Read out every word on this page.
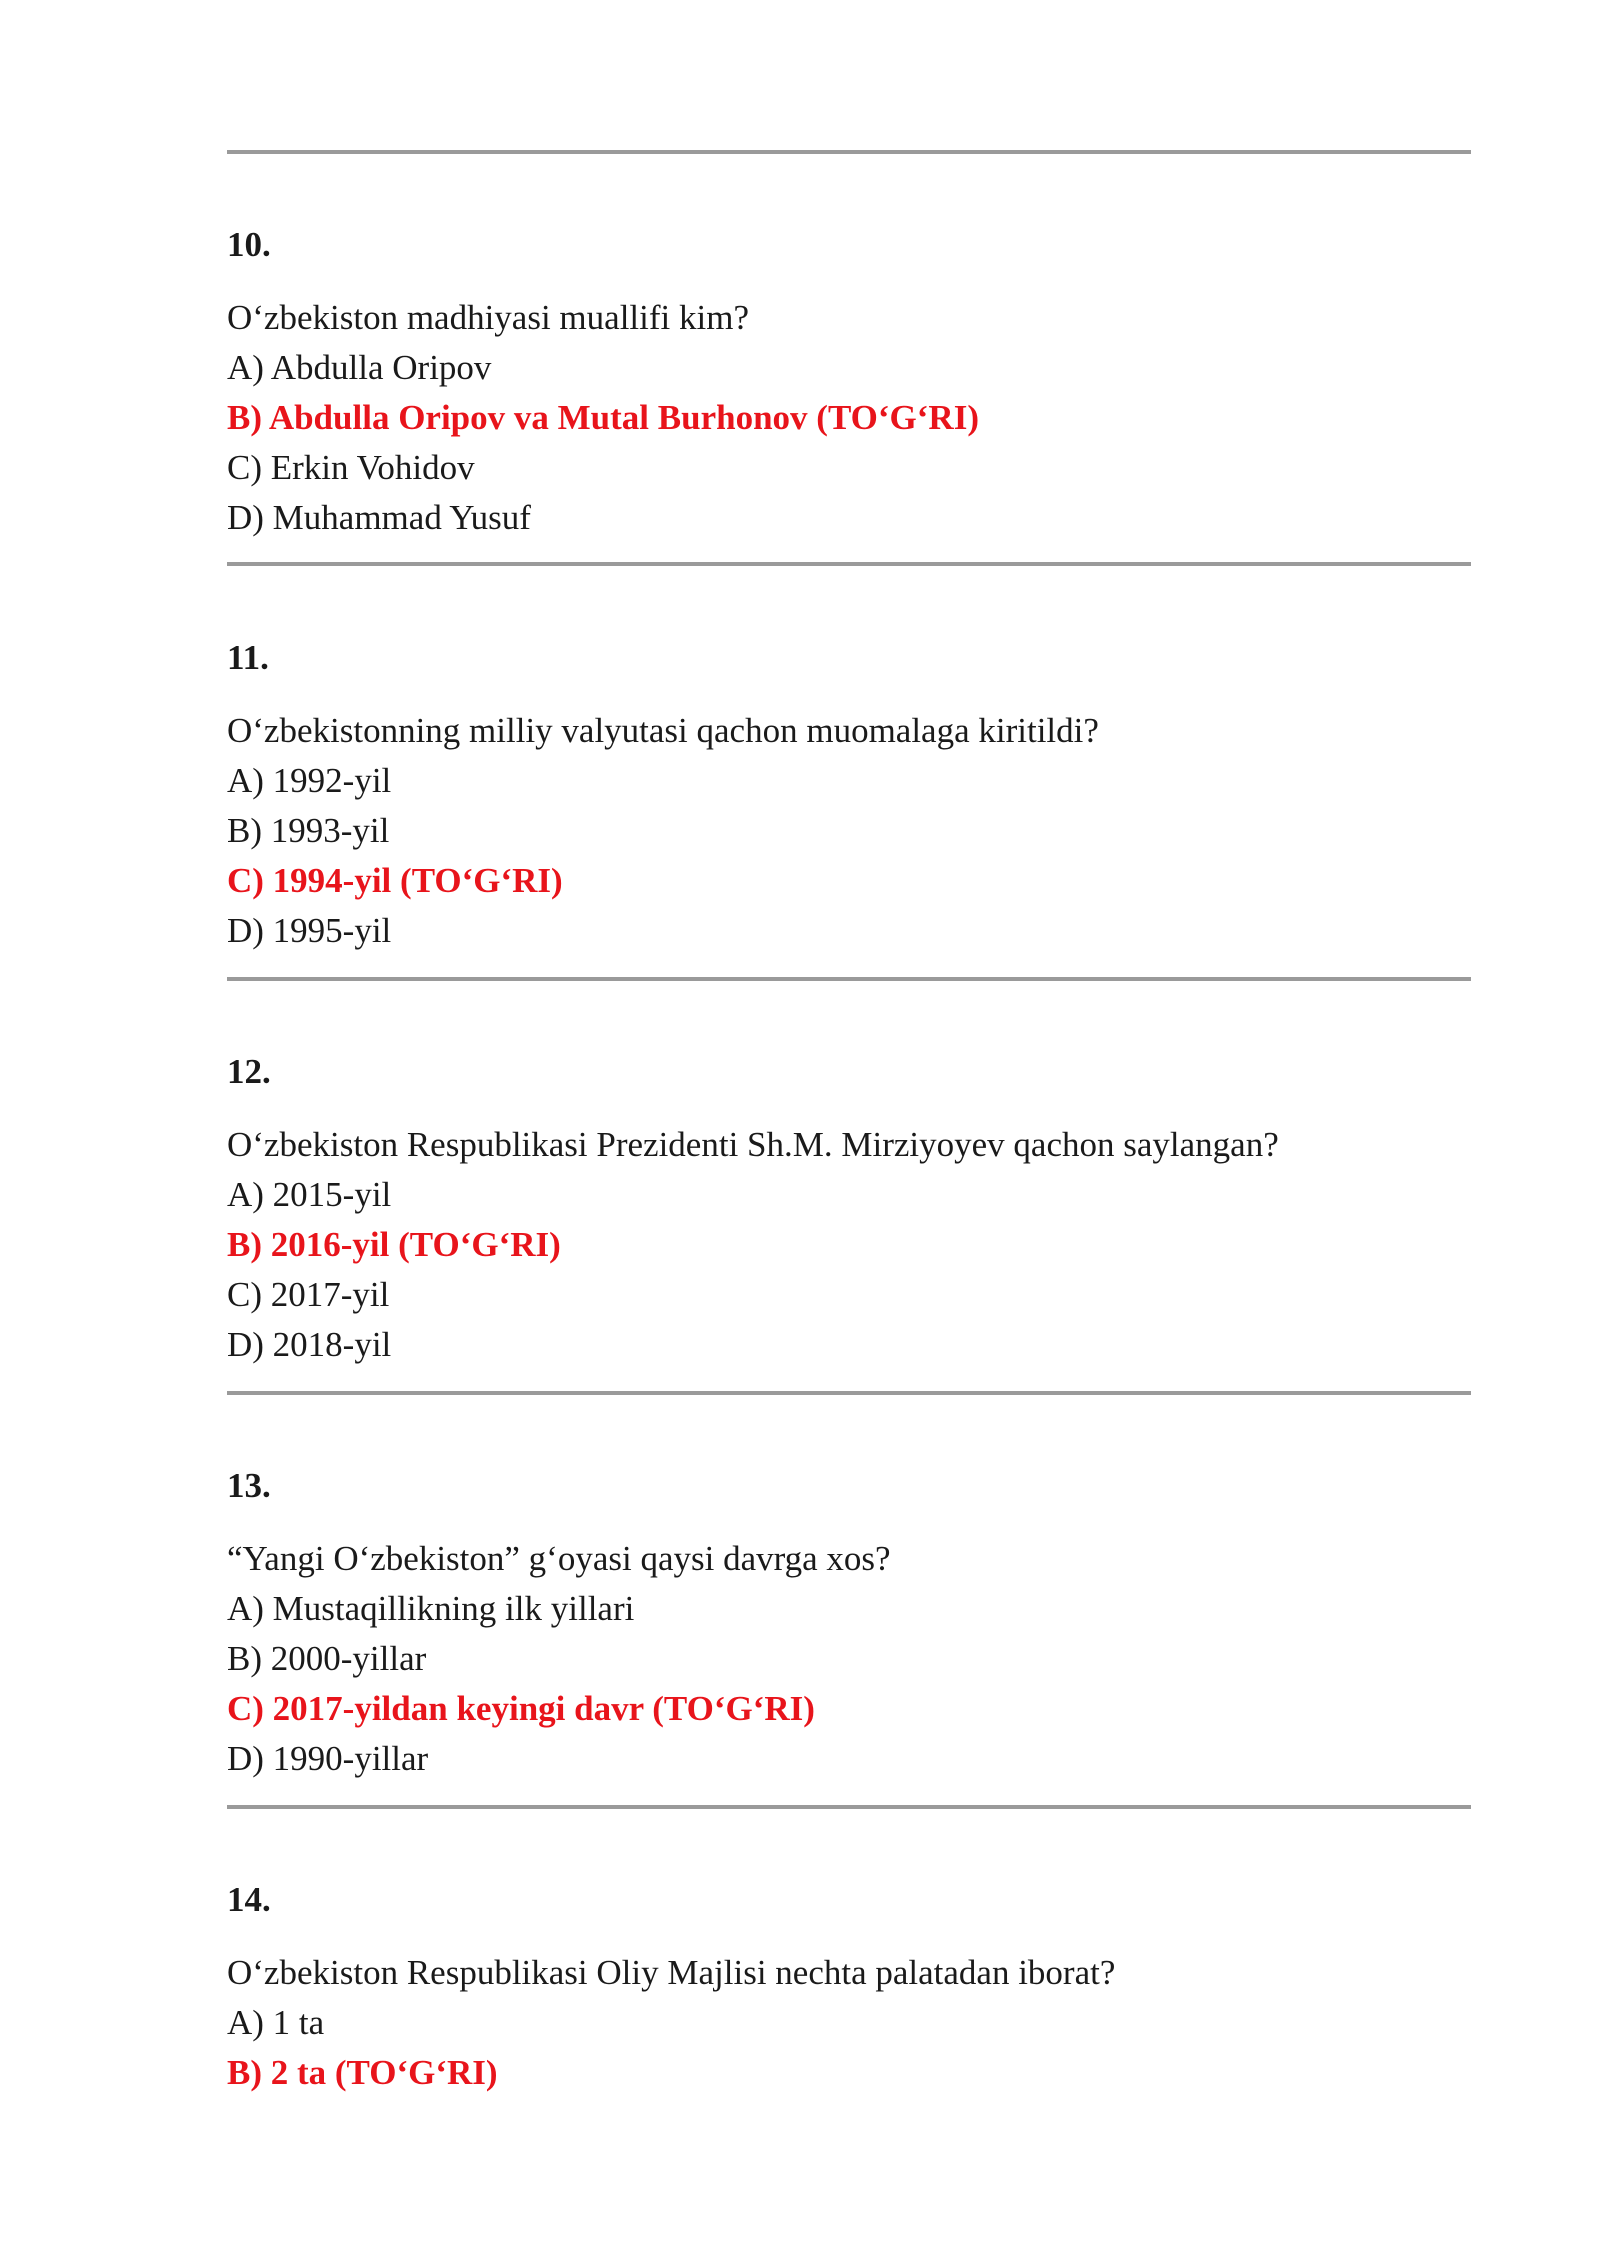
10.

O‘zbekiston madhiyasi muallifi kim?

A) Abdulla Oripov
B) Abdulla Oripov va Mutal Burhonov (TO‘G‘RI)
C) Erkin Vohidov
D) Muhammad Yusuf

11.

O‘zbekistonning milliy valyutasi qachon muomalaga kiritildi?

A) 1992-yil
B) 1993-yil
C) 1994-yil (TO‘G‘RI)
D) 1995-yil

12.

O‘zbekiston Respublikasi Prezidenti Sh.M. Mirziyoyev qachon saylangan?

A) 2015-yil
B) 2016-yil (TO‘G‘RI)
C) 2017-yil
D) 2018-yil

13.

“Yangi O‘zbekiston” g‘oyasi qaysi davrga xos?

A) Mustaqillikning ilk yillari
B) 2000-yillar
C) 2017-yildan keyingi davr (TO‘G‘RI)
D) 1990-yillar

14.

O‘zbekiston Respublikasi Oliy Majlisi nechta palatadan iborat?

A) 1 ta
B) 2 ta (TO‘G‘RI)
